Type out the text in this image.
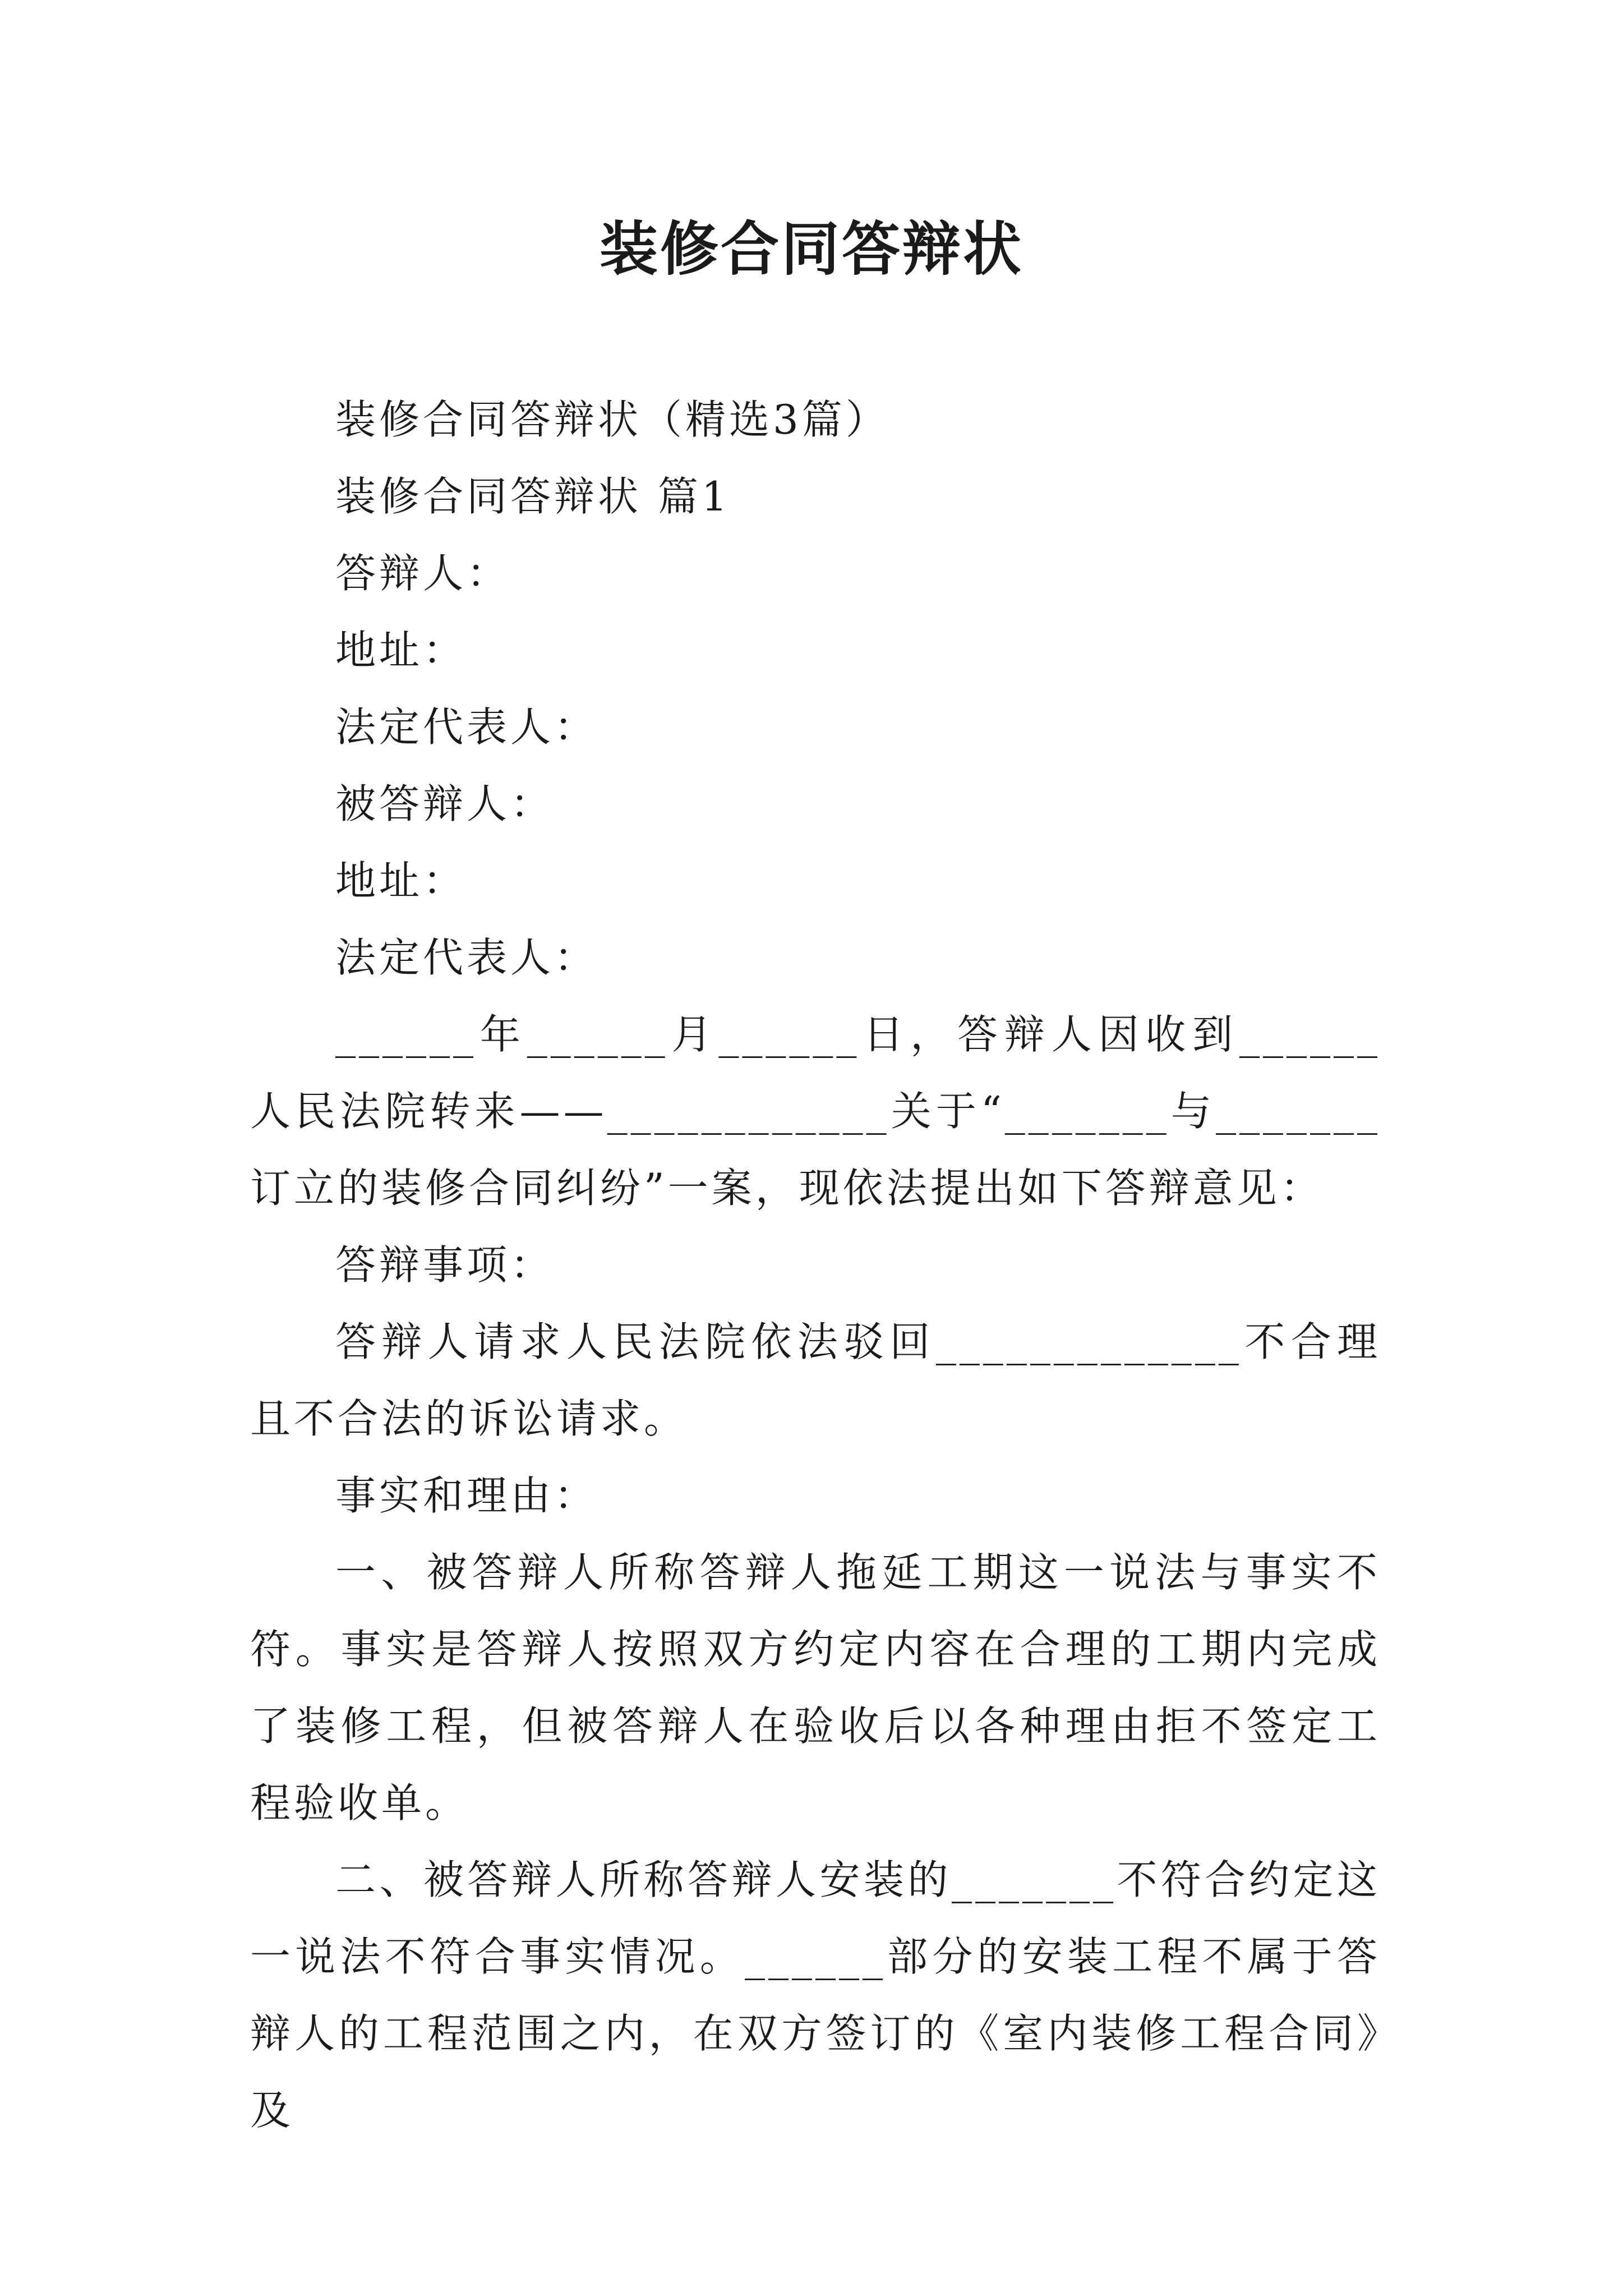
装修合同答辩状

装修合同答辩状（精选3篇）

装修合同答辩状 篇1

答辩人：

地址：

法定代表人：

被答辩人：

地址：

法定代表人：

______年______月______日，答辩人因收到______人民法院转来——____________关于“_______与_______订立的装修合同纠纷”一案，现依法提出如下答辩意见：

答辩事项：

答辩人请求人民法院依法驳回_____________不合理且不合法的诉讼请求。

事实和理由：

一、被答辩人所称答辩人拖延工期这一说法与事实不符。事实是答辩人按照双方约定内容在合理的工期内完成了装修工程，但被答辩人在验收后以各种理由拒不签定工程验收单。

二、被答辩人所称答辩人安装的_______不符合约定这一说法不符合事实情况。______部分的安装工程不属于答辩人的工程范围之内，在双方签订的《室内装修工程合同》及
